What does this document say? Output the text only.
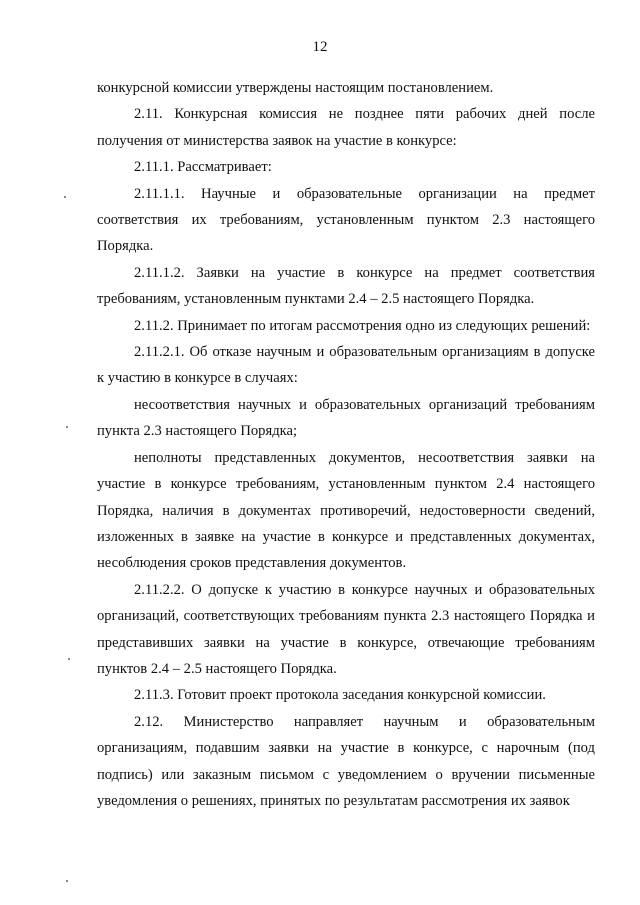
12

конкурсной комиссии утверждены настоящим постановлением.

2.11. Конкурсная комиссия не позднее пяти рабочих дней после получения от министерства заявок на участие в конкурсе:

2.11.1. Рассматривает:

2.11.1.1. Научные и образовательные организации на предмет соответствия их требованиям, установленным пунктом 2.3 настоящего Порядка.

2.11.1.2. Заявки на участие в конкурсе на предмет соответствия требованиям, установленным пунктами 2.4 – 2.5 настоящего Порядка.

2.11.2. Принимает по итогам рассмотрения одно из следующих решений:

2.11.2.1. Об отказе научным и образовательным организациям в допуске к участию в конкурсе в случаях:

несоответствия научных и образовательных организаций требованиям пункта 2.3 настоящего Порядка;

неполноты представленных документов, несоответствия заявки на участие в конкурсе требованиям, установленным пунктом 2.4 настоящего Порядка, наличия в документах противоречий, недостоверности сведений, изложенных в заявке на участие в конкурсе и представленных документах, несоблюдения сроков представления документов.

2.11.2.2. О допуске к участию в конкурсе научных и образовательных организаций, соответствующих требованиям пункта 2.3 настоящего Порядка и представивших заявки на участие в конкурсе, отвечающие требованиям пунктов 2.4 – 2.5 настоящего Порядка.

2.11.3. Готовит проект протокола заседания конкурсной комиссии.

2.12. Министерство направляет научным и образовательным организациям, подавшим заявки на участие в конкурсе, с нарочным (под подпись) или заказным письмом с уведомлением о вручении письменные уведомления о решениях, принятых по результатам рассмотрения их заявок
